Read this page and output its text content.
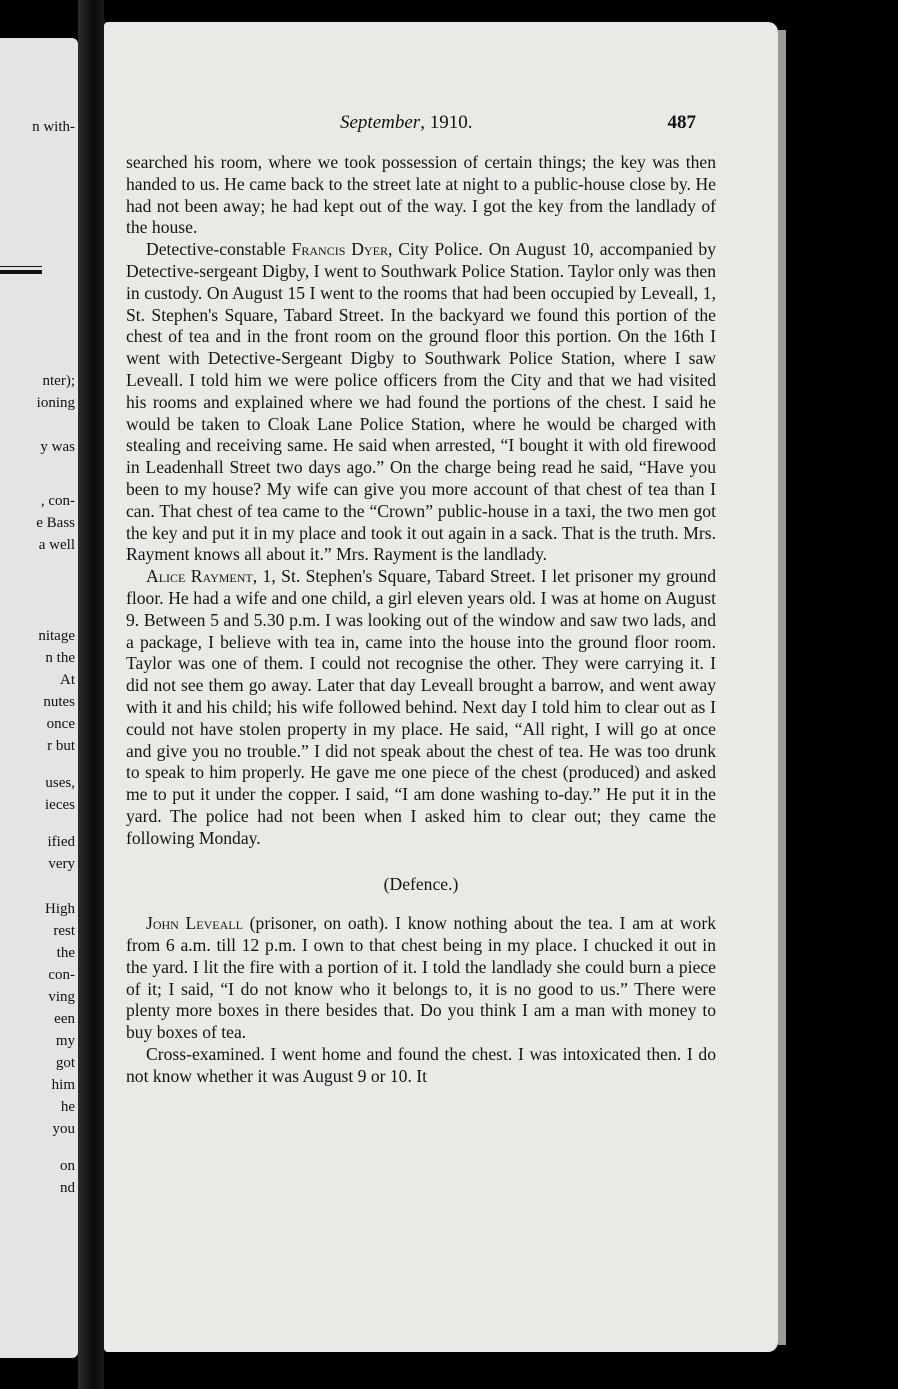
n with-
nter);
ioning
y was
, con-
e Bass
a well
nitage
n the
At
nutes
once
r but
uses,
ieces
ified
very
High
rest
the
con-
ving
een
my
got
him
he
you
on
nd
September, 1910.	487

searched his room, where we took possession of certain things; the key was then handed to us. He came back to the street late at night to a public-house close by. He had not been away; he had kept out of the way. I got the key from the landlady of the house.

Detective-constable Francis Dyer, City Police. On August 10, accompanied by Detective-sergeant Digby, I went to Southwark Police Station. Taylor only was then in custody. On August 15 I went to the rooms that had been occupied by Leveall, 1, St. Stephen's Square, Tabard Street. In the backyard we found this portion of the chest of tea and in the front room on the ground floor this portion. On the 16th I went with Detective-Sergeant Digby to Southwark Police Station, where I saw Leveall. I told him we were police officers from the City and that we had visited his rooms and explained where we had found the portions of the chest. I said he would be taken to Cloak Lane Police Station, where he would be charged with stealing and receiving same. He said when arrested, “I bought it with old firewood in Leadenhall Street two days ago.” On the charge being read he said, “Have you been to my house? My wife can give you more account of that chest of tea than I can. That chest of tea came to the “Crown” public-house in a taxi, the two men got the key and put it in my place and took it out again in a sack. That is the truth. Mrs. Rayment knows all about it.” Mrs. Rayment is the landlady.

Alice Rayment, 1, St. Stephen's Square, Tabard Street. I let prisoner my ground floor. He had a wife and one child, a girl eleven years old. I was at home on August 9. Between 5 and 5.30 p.m. I was looking out of the window and saw two lads, and a package, I believe with tea in, came into the house into the ground floor room. Taylor was one of them. I could not recognise the other. They were carrying it. I did not see them go away. Later that day Leveall brought a barrow, and went away with it and his child; his wife followed behind. Next day I told him to clear out as I could not have stolen property in my place. He said, “All right, I will go at once and give you no trouble.” I did not speak about the chest of tea. He was too drunk to speak to him properly. He gave me one piece of the chest (produced) and asked me to put it under the copper. I said, “I am done washing to-day.” He put it in the yard. The police had not been when I asked him to clear out; they came the following Monday.

(Defence.)

John Leveall (prisoner, on oath). I know nothing about the tea. I am at work from 6 a.m. till 12 p.m. I own to that chest being in my place. I chucked it out in the yard. I lit the fire with a portion of it. I told the landlady she could burn a piece of it; I said, “I do not know who it belongs to, it is no good to us.” There were plenty more boxes in there besides that. Do you think I am a man with money to buy boxes of tea.

Cross-examined. I went home and found the chest. I was intoxicated then. I do not know whether it was August 9 or 10. It
